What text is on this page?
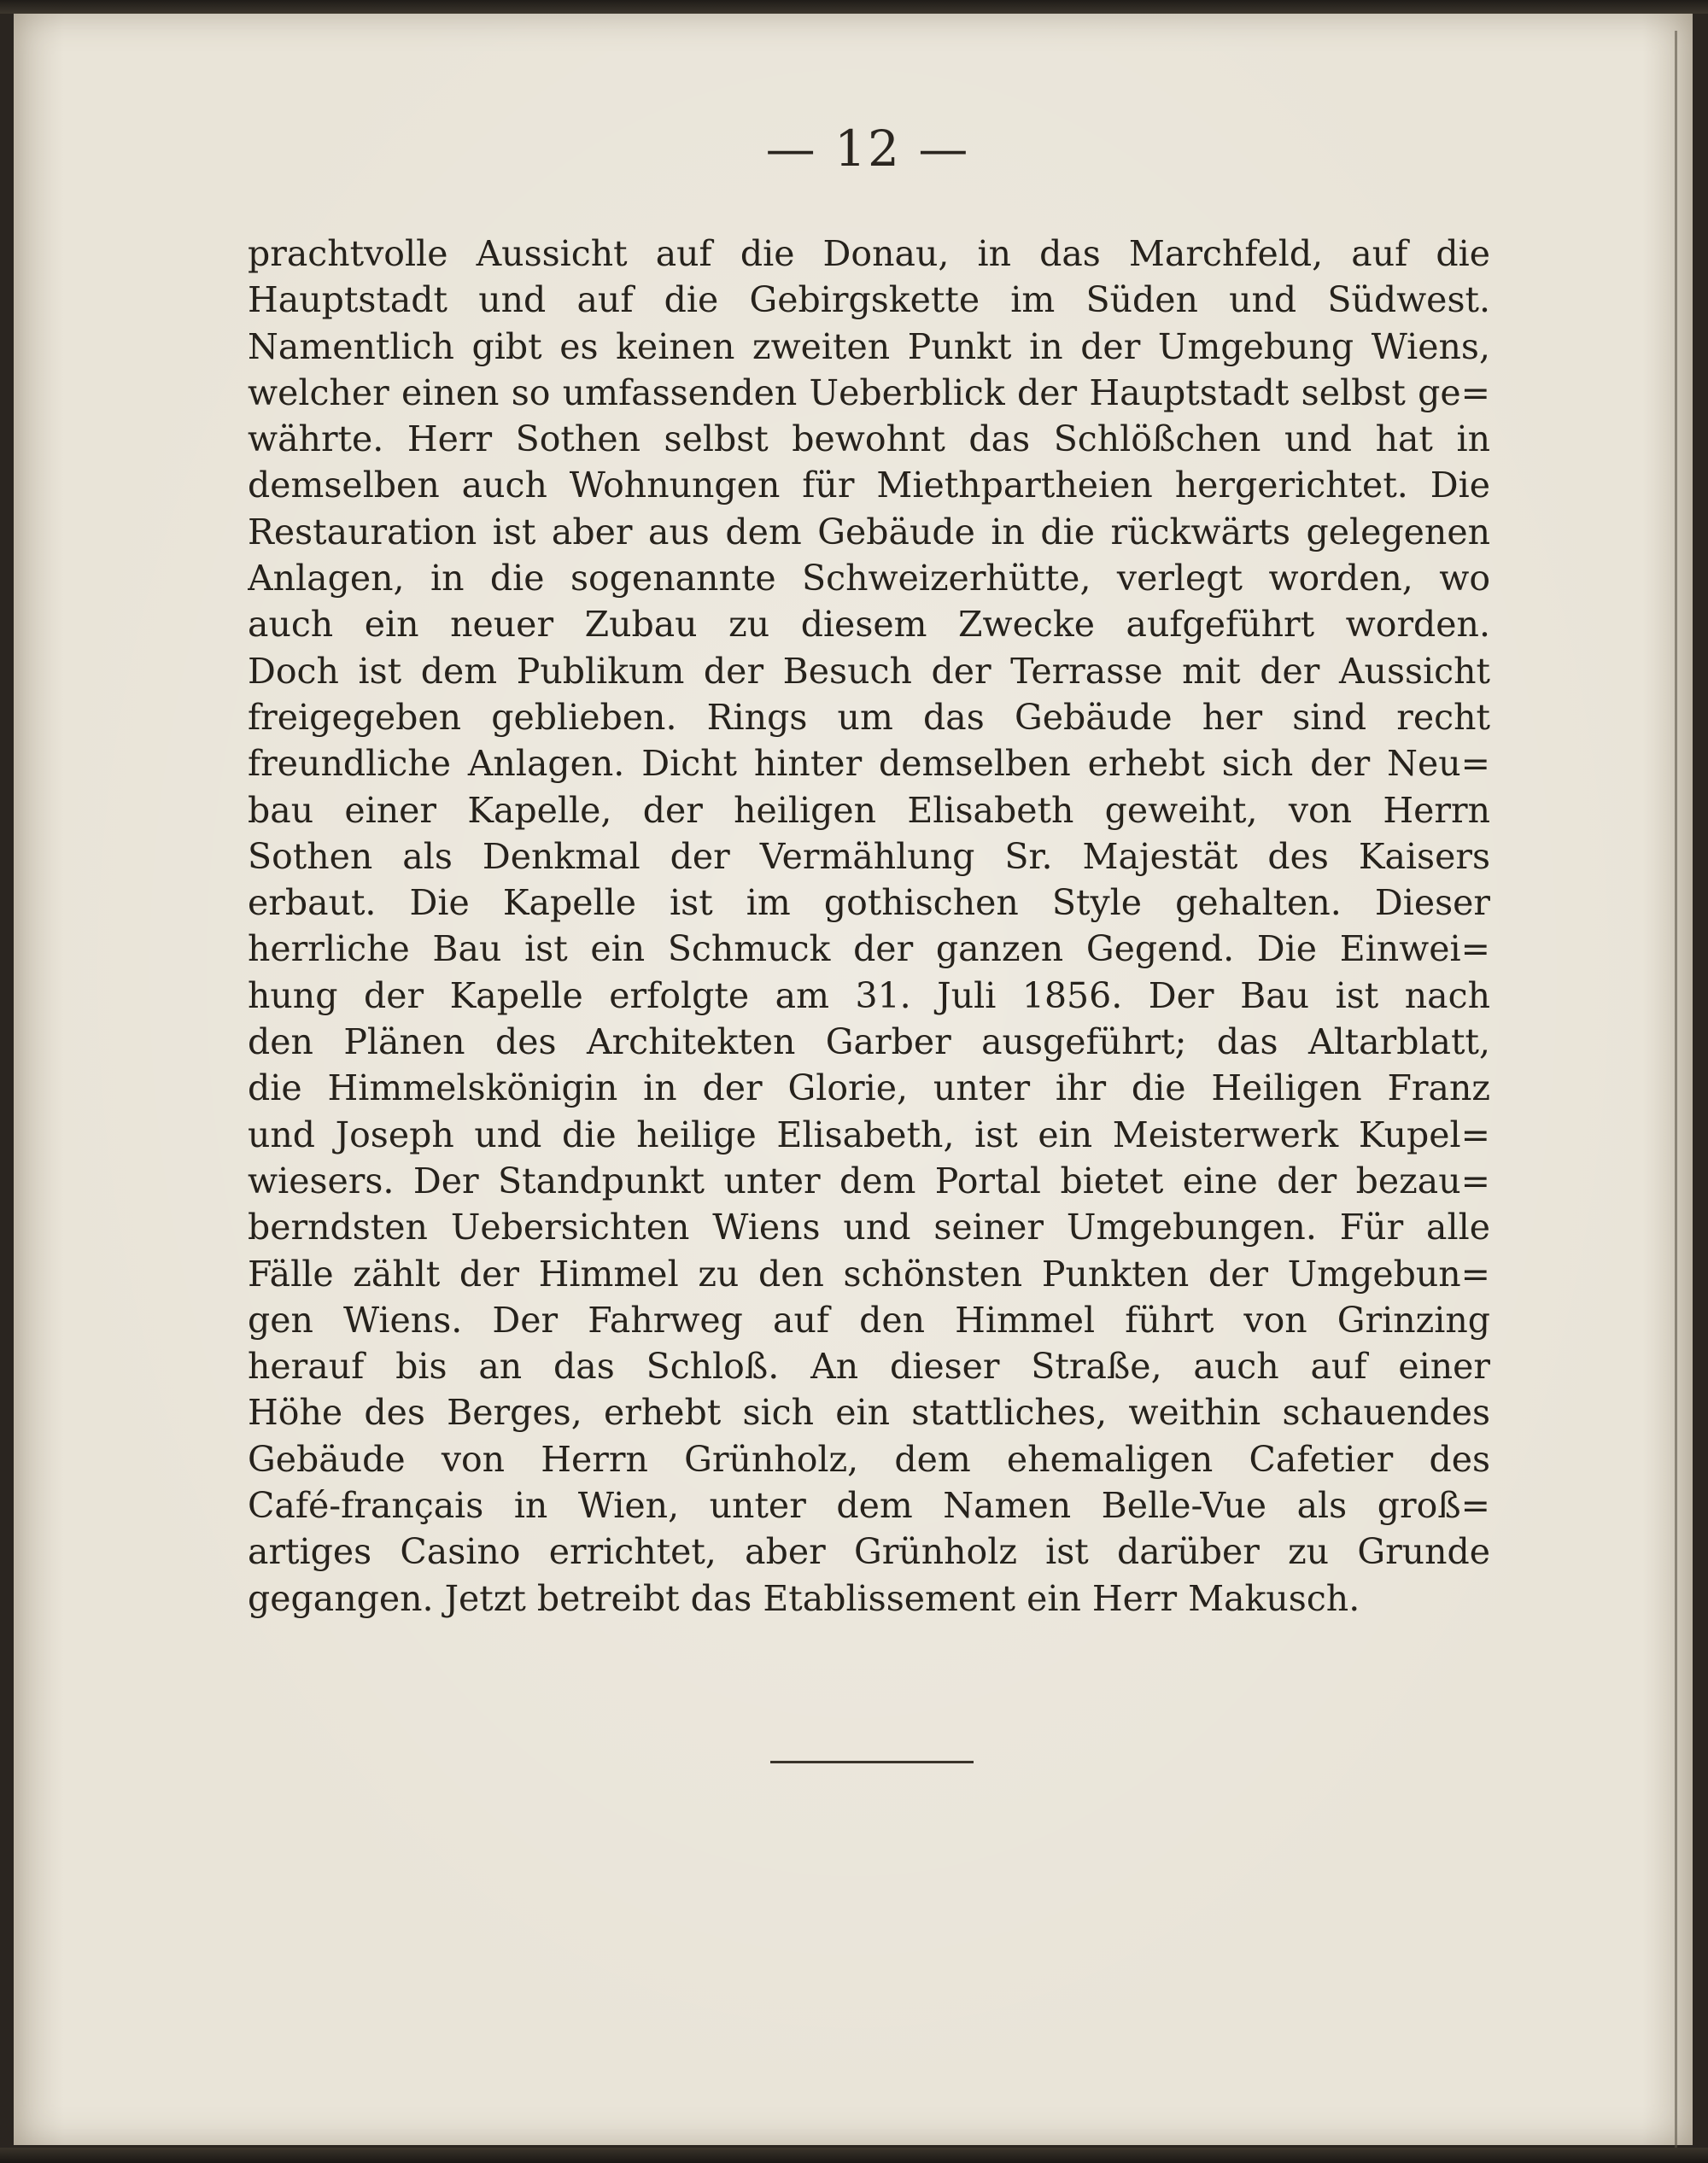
— 12 —
prachtvolle Aussicht auf die Donau, in das Marchfeld, auf die
Hauptstadt und auf die Gebirgskette im Süden und Südwest.
Namentlich gibt es keinen zweiten Punkt in der Umgebung Wiens,
welcher einen so umfassenden Ueberblick der Hauptstadt selbst ge=
währte. Herr Sothen selbst bewohnt das Schlößchen und hat in
demselben auch Wohnungen für Miethpartheien hergerichtet. Die
Restauration ist aber aus dem Gebäude in die rückwärts gelegenen
Anlagen, in die sogenannte Schweizerhütte, verlegt worden, wo
auch ein neuer Zubau zu diesem Zwecke aufgeführt worden.
Doch ist dem Publikum der Besuch der Terrasse mit der Aussicht
freigegeben geblieben. Rings um das Gebäude her sind recht
freundliche Anlagen. Dicht hinter demselben erhebt sich der Neu=
bau einer Kapelle, der heiligen Elisabeth geweiht, von Herrn
Sothen als Denkmal der Vermählung Sr. Majestät des Kaisers
erbaut. Die Kapelle ist im gothischen Style gehalten. Dieser
herrliche Bau ist ein Schmuck der ganzen Gegend. Die Einwei=
hung der Kapelle erfolgte am 31. Juli 1856. Der Bau ist nach
den Plänen des Architekten Garber ausgeführt; das Altarblatt,
die Himmelskönigin in der Glorie, unter ihr die Heiligen Franz
und Joseph und die heilige Elisabeth, ist ein Meisterwerk Kupel=
wiesers. Der Standpunkt unter dem Portal bietet eine der bezau=
berndsten Uebersichten Wiens und seiner Umgebungen. Für alle
Fälle zählt der Himmel zu den schönsten Punkten der Umgebun=
gen Wiens. Der Fahrweg auf den Himmel führt von Grinzing
herauf bis an das Schloß. An dieser Straße, auch auf einer
Höhe des Berges, erhebt sich ein stattliches, weithin schauendes
Gebäude von Herrn Grünholz, dem ehemaligen Cafetier des
Café-français in Wien, unter dem Namen Belle-Vue als groß=
artiges Casino errichtet, aber Grünholz ist darüber zu Grunde
gegangen. Jetzt betreibt das Etablissement ein Herr Makusch.
